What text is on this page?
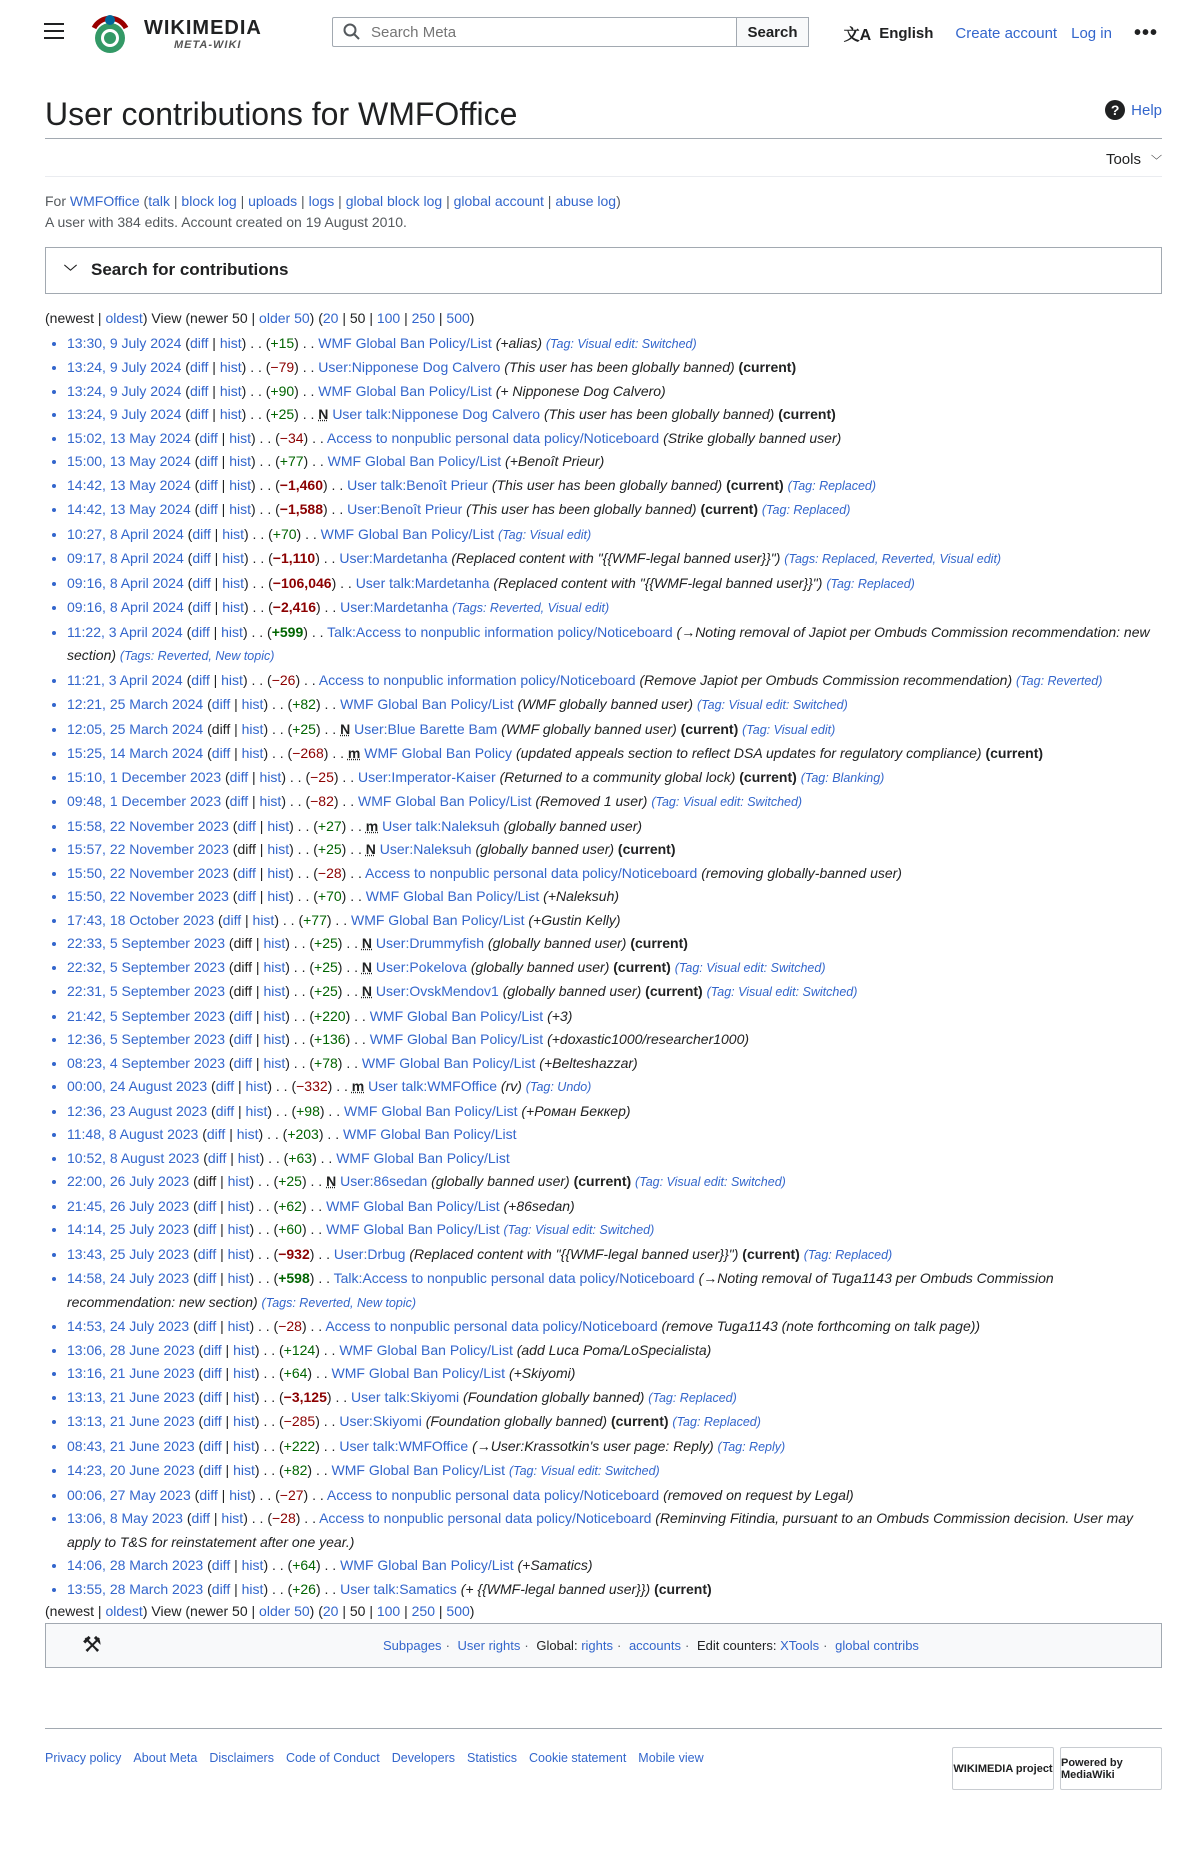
WIKIMEDIA
META-WIKI
Search Meta
Search	文A English Create account Log in •••
User contributions for WMFOffice	? Help
Tools ﹀
For WMFOffice (talk | block log | uploads | logs | global block log | global account | abuse log)
A user with 384 edits. Account created on 19 August 2010.
﹀ Search for contributions
(newest | oldest) View (newer 50 | older 50) (20 | 50 | 100 | 250 | 500)
• 13:30, 9 July 2024 (diff | hist) . . (+15) . . WMF Global Ban Policy/List (+alias) (Tag: Visual edit: Switched)
• 13:24, 9 July 2024 (diff | hist) . . (−79) . . User:Nipponese Dog Calvero (This user has been globally banned) (current)
• 13:24, 9 July 2024 (diff | hist) . . (+90) . . WMF Global Ban Policy/List (+ Nipponese Dog Calvero)
• 13:24, 9 July 2024 (diff | hist) . . (+25) . . N User talk:Nipponese Dog Calvero (This user has been globally banned) (current)
• 15:02, 13 May 2024 (diff | hist) . . (−34) . . Access to nonpublic personal data policy/Noticeboard (Strike globally banned user)
• 15:00, 13 May 2024 (diff | hist) . . (+77) . . WMF Global Ban Policy/List (+Benoît Prieur)
• 14:42, 13 May 2024 (diff | hist) . . (−1,460) . . User talk:Benoît Prieur (This user has been globally banned) (current) (Tag: Replaced)
• 14:42, 13 May 2024 (diff | hist) . . (−1,588) . . User:Benoît Prieur (This user has been globally banned) (current) (Tag: Replaced)
• 10:27, 8 April 2024 (diff | hist) . . (+70) . . WMF Global Ban Policy/List (Tag: Visual edit)
• 09:17, 8 April 2024 (diff | hist) . . (−1,110) . . User:Mardetanha (Replaced content with "{{WMF-legal banned user}}") (Tags: Replaced, Reverted, Visual edit)
• 09:16, 8 April 2024 (diff | hist) . . (−106,046) . . User talk:Mardetanha (Replaced content with "{{WMF-legal banned user}}") (Tag: Replaced)
• 09:16, 8 April 2024 (diff | hist) . . (−2,416) . . User:Mardetanha (Tags: Reverted, Visual edit)
• 11:22, 3 April 2024 (diff | hist) . . (+599) . . Talk:Access to nonpublic information policy/Noticeboard (→Noting removal of Japiot per Ombuds Commission recommendation: new section) (Tags: Reverted, New topic)
• 11:21, 3 April 2024 (diff | hist) . . (−26) . . Access to nonpublic information policy/Noticeboard (Remove Japiot per Ombuds Commission recommendation) (Tag: Reverted)
• 12:21, 25 March 2024 (diff | hist) . . (+82) . . WMF Global Ban Policy/List (WMF globally banned user) (Tag: Visual edit: Switched)
• 12:05, 25 March 2024 (diff | hist) . . (+25) . . N User:Blue Barette Bam (WMF globally banned user) (current) (Tag: Visual edit)
• 15:25, 14 March 2024 (diff | hist) . . (−268) . . m WMF Global Ban Policy (updated appeals section to reflect DSA updates for regulatory compliance) (current)
• 15:10, 1 December 2023 (diff | hist) . . (−25) . . User:Imperator-Kaiser (Returned to a community global lock) (current) (Tag: Blanking)
• 09:48, 1 December 2023 (diff | hist) . . (−82) . . WMF Global Ban Policy/List (Removed 1 user) (Tag: Visual edit: Switched)
• 15:58, 22 November 2023 (diff | hist) . . (+27) . . m User talk:Naleksuh (globally banned user)
• 15:57, 22 November 2023 (diff | hist) . . (+25) . . N User:Naleksuh (globally banned user) (current)
• 15:50, 22 November 2023 (diff | hist) . . (−28) . . Access to nonpublic personal data policy/Noticeboard (removing globally-banned user)
• 15:50, 22 November 2023 (diff | hist) . . (+70) . . WMF Global Ban Policy/List (+Naleksuh)
• 17:43, 18 October 2023 (diff | hist) . . (+77) . . WMF Global Ban Policy/List (+Gustin Kelly)
• 22:33, 5 September 2023 (diff | hist) . . (+25) . . N User:Drummyfish (globally banned user) (current)
• 22:32, 5 September 2023 (diff | hist) . . (+25) . . N User:Pokelova (globally banned user) (current) (Tag: Visual edit: Switched)
• 22:31, 5 September 2023 (diff | hist) . . (+25) . . N User:OvskMendov1 (globally banned user) (current) (Tag: Visual edit: Switched)
• 21:42, 5 September 2023 (diff | hist) . . (+220) . . WMF Global Ban Policy/List (+3)
• 12:36, 5 September 2023 (diff | hist) . . (+136) . . WMF Global Ban Policy/List (+doxastic1000/researcher1000)
• 08:23, 4 September 2023 (diff | hist) . . (+78) . . WMF Global Ban Policy/List (+Belteshazzar)
• 00:00, 24 August 2023 (diff | hist) . . (−332) . . m User talk:WMFOffice (rv) (Tag: Undo)
• 12:36, 23 August 2023 (diff | hist) . . (+98) . . WMF Global Ban Policy/List (+Роман Беккер)
• 11:48, 8 August 2023 (diff | hist) . . (+203) . . WMF Global Ban Policy/List
• 10:52, 8 August 2023 (diff | hist) . . (+63) . . WMF Global Ban Policy/List
• 22:00, 26 July 2023 (diff | hist) . . (+25) . . N User:86sedan (globally banned user) (current) (Tag: Visual edit: Switched)
• 21:45, 26 July 2023 (diff | hist) . . (+62) . . WMF Global Ban Policy/List (+86sedan)
• 14:14, 25 July 2023 (diff | hist) . . (+60) . . WMF Global Ban Policy/List (Tag: Visual edit: Switched)
• 13:43, 25 July 2023 (diff | hist) . . (−932) . . User:Drbug (Replaced content with "{{WMF-legal banned user}}") (current) (Tag: Replaced)
• 14:58, 24 July 2023 (diff | hist) . . (+598) . . Talk:Access to nonpublic personal data policy/Noticeboard (→Noting removal of Tuga1143 per Ombuds Commission recommendation: new section) (Tags: Reverted, New topic)
• 14:53, 24 July 2023 (diff | hist) . . (−28) . . Access to nonpublic personal data policy/Noticeboard (remove Tuga1143 (note forthcoming on talk page))
• 13:06, 28 June 2023 (diff | hist) . . (+124) . . WMF Global Ban Policy/List (add Luca Poma/LoSpecialista)
• 13:16, 21 June 2023 (diff | hist) . . (+64) . . WMF Global Ban Policy/List (+Skiyomi)
• 13:13, 21 June 2023 (diff | hist) . . (−3,125) . . User talk:Skiyomi (Foundation globally banned) (Tag: Replaced)
• 13:13, 21 June 2023 (diff | hist) . . (−285) . . User:Skiyomi (Foundation globally banned) (current) (Tag: Replaced)
• 08:43, 21 June 2023 (diff | hist) . . (+222) . . User talk:WMFOffice (→User:Krassotkin's user page: Reply) (Tag: Reply)
• 14:23, 20 June 2023 (diff | hist) . . (+82) . . WMF Global Ban Policy/List (Tag: Visual edit: Switched)
• 00:06, 27 May 2023 (diff | hist) . . (−27) . . Access to nonpublic personal data policy/Noticeboard (removed on request by Legal)
• 13:06, 8 May 2023 (diff | hist) . . (−28) . . Access to nonpublic personal data policy/Noticeboard (Reminving Fitindia, pursuant to an Ombuds Commission decision. User may apply to T&S for reinstatement after one year.)
• 14:06, 28 March 2023 (diff | hist) . . (+64) . . WMF Global Ban Policy/List (+Samatics)
• 13:55, 28 March 2023 (diff | hist) . . (+26) . . User talk:Samatics (+ {{WMF-legal banned user}}) (current)
(newest | oldest) View (newer 50 | older 50) (20 | 50 | 100 | 250 | 500)
⚒	Subpages · User rights · Global: rights · accounts · Edit counters: XTools · global contribs
Privacy policy About Meta Disclaimers Code of Conduct Developers Statistics Cookie statement Mobile view
WIKIMEDIA project Powered by MediaWiki
